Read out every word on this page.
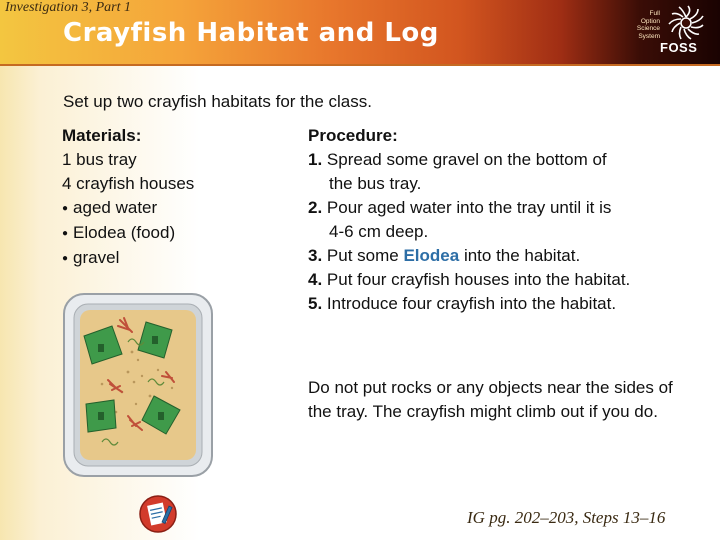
Investigation 3, Part 1
Crayfish Habitat and Log
Full
Option
Science
System
FOSS
Set up two crayfish habitats for the class.
Materials:
1 bus tray
4 crayfish houses
● aged water
● Elodea (food)
● gravel
Procedure:
1. Spread some gravel on the bottom of
the bus tray.
2. Pour aged water into the tray until it is
4-6 cm deep.
3. Put some Elodea into the habitat.
4. Put four crayfish houses into the habitat.
5. Introduce four crayfish into the habitat.
Do not put rocks or any objects near the sides of the tray. The crayfish might climb out if you do.
IG pg. 202–203, Steps 13–16
